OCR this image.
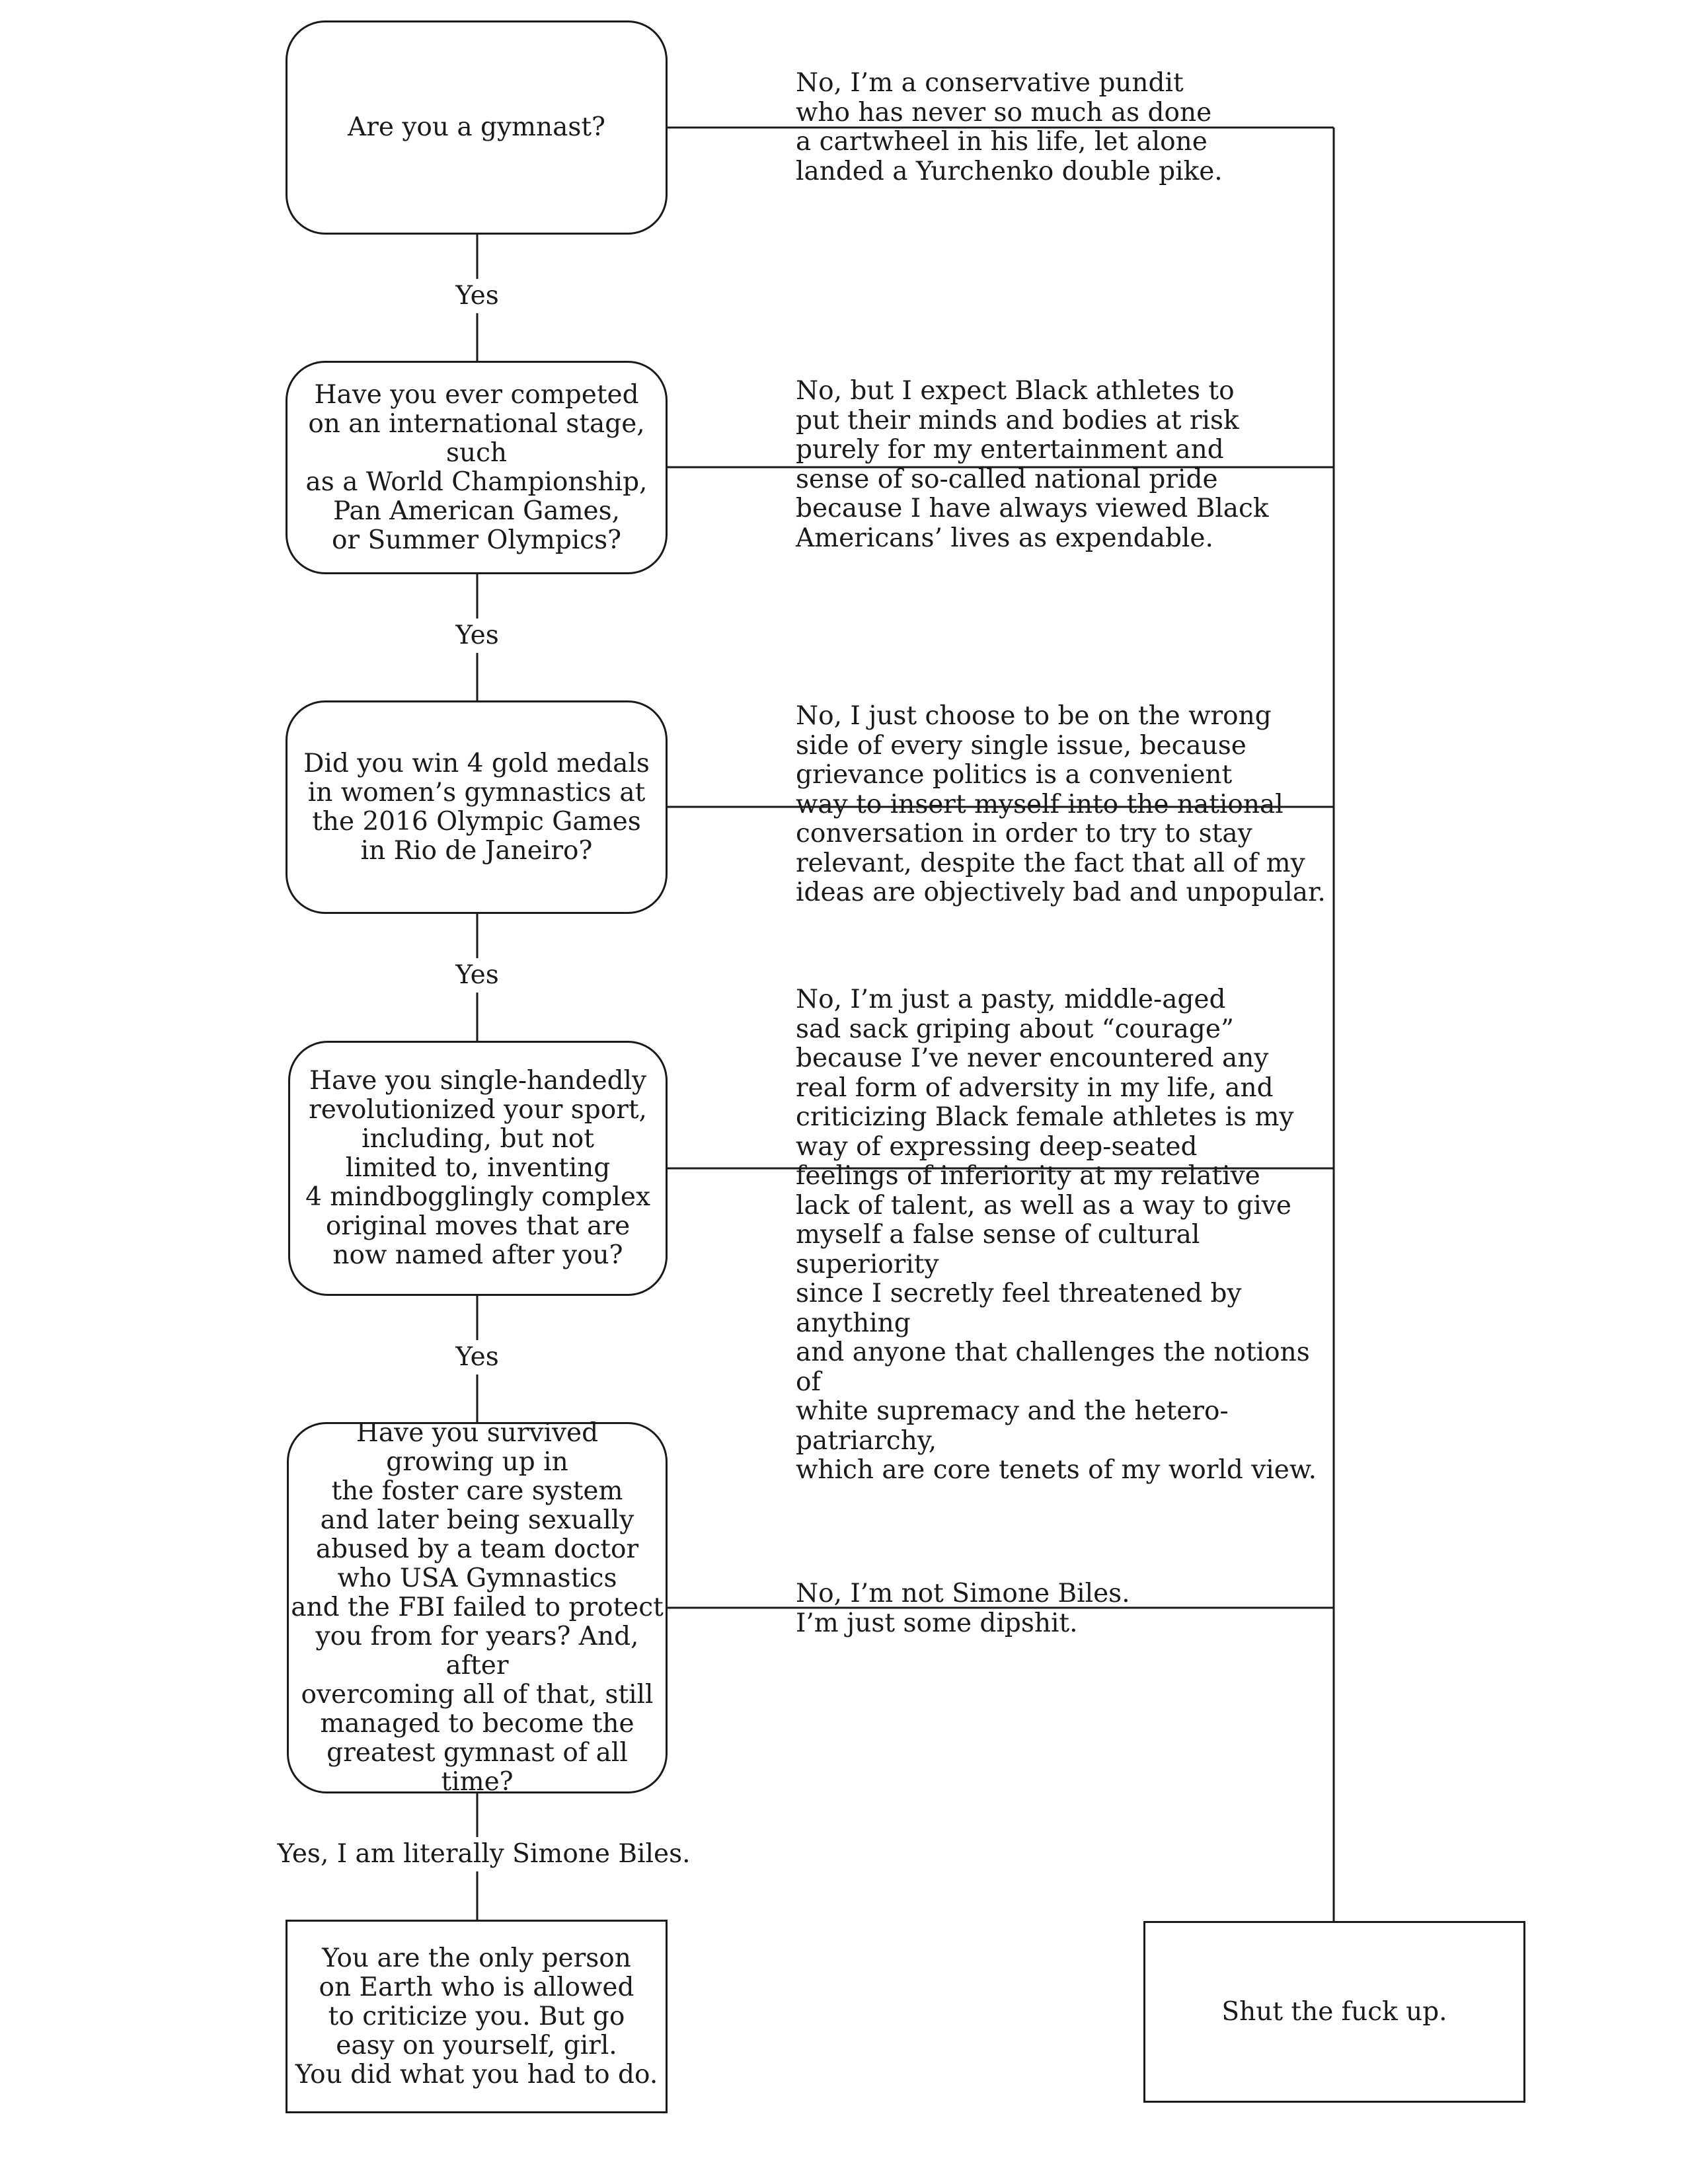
Are you a gymnast?
Have you ever competed
on an international stage, such
as a World Championship,
Pan American Games,
or Summer Olympics?
Did you win 4 gold medals
in women’s gymnastics at
the 2016 Olympic Games
in Rio de Janeiro?
Have you single-handedly
revolutionized your sport,
including, but not
limited to, inventing
4 mindbogglingly complex
original moves that are
now named after you?
Have you survived
growing up in
the foster care system
and later being sexually
abused by a team doctor
who USA Gymnastics
and the FBI failed to protect
you from for years? And, after
overcoming all of that, still
managed to become the
greatest gymnast of all time?
Yes
Yes
Yes
Yes
Yes, I am literally Simone Biles.
No, I’m a conservative pundit
who has never so much as done
a cartwheel in his life, let alone
landed a Yurchenko double pike.
No, but I expect Black athletes to
put their minds and bodies at risk
purely for my entertainment and
sense of so-called national pride
because I have always viewed Black
Americans’ lives as expendable.
No, I just choose to be on the wrong
side of every single issue, because
grievance politics is a convenient
way to insert myself into the national
conversation in order to try to stay
relevant, despite the fact that all of my
ideas are objectively bad and unpopular.
No, I’m just a pasty, middle-aged
sad sack griping about “courage”
because I’ve never encountered any
real form of adversity in my life, and
criticizing Black female athletes is my
way of expressing deep-seated
feelings of inferiority at my relative
lack of talent, as well as a way to give
myself a false sense of cultural superiority
since I secretly feel threatened by anything
and anyone that challenges the notions of
white supremacy and the hetero-patriarchy,
which are core tenets of my world view.
No, I’m not Simone Biles.
I’m just some dipshit.
You are the only person
on Earth who is allowed
to criticize you. But go
easy on yourself, girl.
You did what you had to do.
Shut the fuck up.
